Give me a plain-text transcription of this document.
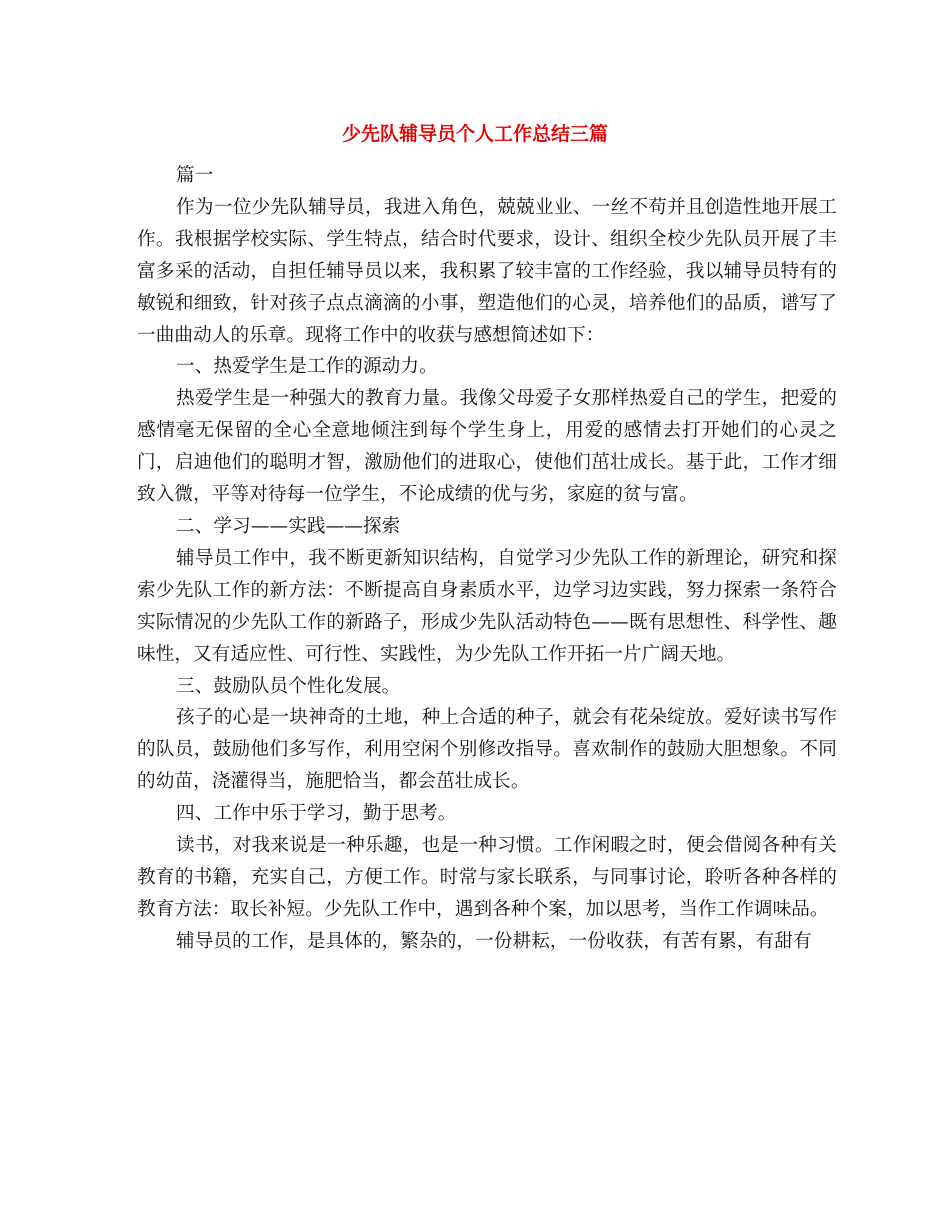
少先队辅导员个人工作总结三篇

篇一

作为一位少先队辅导员，我进入角色，兢兢业业、一丝不苟并且创造性地开展工作。我根据学校实际、学生特点，结合时代要求，设计、组织全校少先队员开展了丰富多采的活动，自担任辅导员以来，我积累了较丰富的工作经验，我以辅导员特有的敏锐和细致，针对孩子点点滴滴的小事，塑造他们的心灵，培养他们的品质，谱写了一曲曲动人的乐章。现将工作中的收获与感想简述如下：

一、热爱学生是工作的源动力。

热爱学生是一种强大的教育力量。我像父母爱子女那样热爱自己的学生，把爱的感情毫无保留的全心全意地倾注到每个学生身上，用爱的感情去打开她们的心灵之门，启迪他们的聪明才智，激励他们的进取心，使他们茁壮成长。基于此，工作才细致入微，平等对待每一位学生，不论成绩的优与劣，家庭的贫与富。

二、学习——实践——探索

辅导员工作中，我不断更新知识结构，自觉学习少先队工作的新理论，研究和探索少先队工作的新方法：不断提高自身素质水平，边学习边实践，努力探索一条符合实际情况的少先队工作的新路子，形成少先队活动特色——既有思想性、科学性、趣味性，又有适应性、可行性、实践性，为少先队工作开拓一片广阔天地。

三、鼓励队员个性化发展。

孩子的心是一块神奇的土地，种上合适的种子，就会有花朵绽放。爱好读书写作的队员，鼓励他们多写作，利用空闲个别修改指导。喜欢制作的鼓励大胆想象。不同的幼苗，浇灌得当，施肥恰当，都会茁壮成长。

四、工作中乐于学习，勤于思考。

读书，对我来说是一种乐趣，也是一种习惯。工作闲暇之时，便会借阅各种有关教育的书籍，充实自己，方便工作。时常与家长联系，与同事讨论，聆听各种各样的教育方法：取长补短。少先队工作中，遇到各种个案，加以思考，当作工作调味品。

辅导员的工作，是具体的，繁杂的，一份耕耘，一份收获，有苦有累，有甜有
